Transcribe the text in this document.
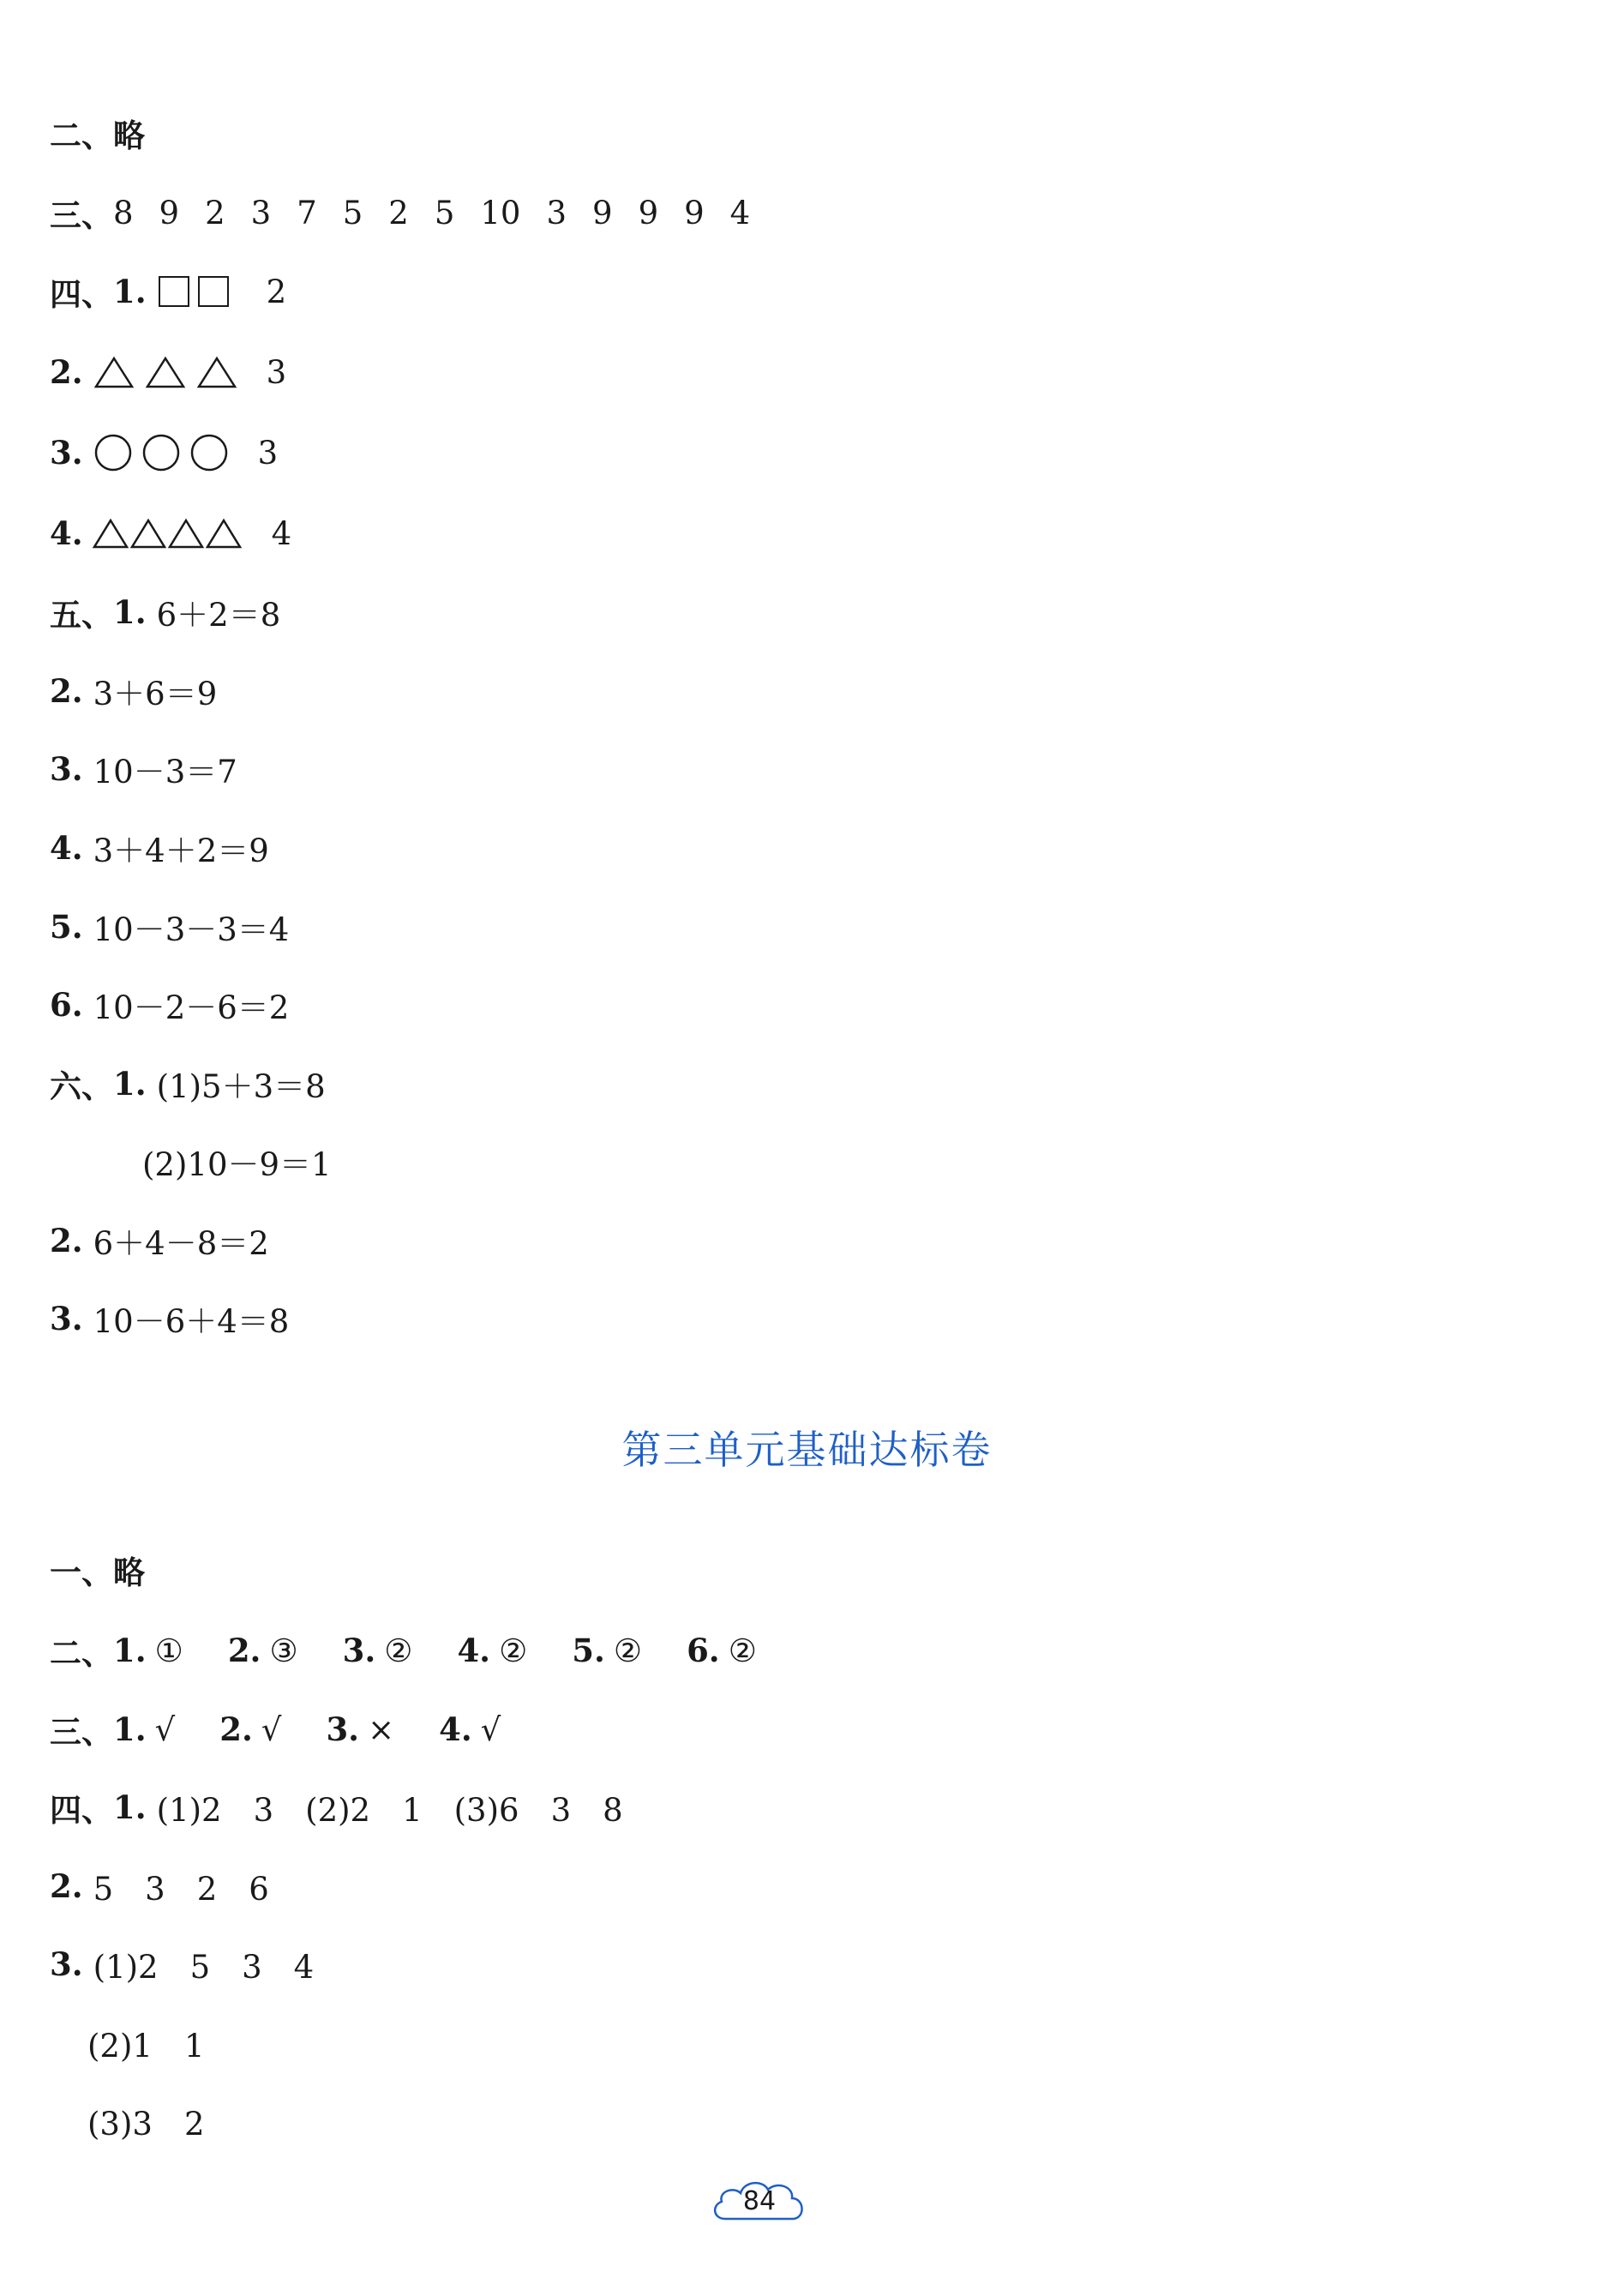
二、略
三、 8 9 2 3 7 5 2 5 10 3 9 9 9 4
四、 1.	2
2.	3
3.	3
4.	4
五、 1. 6＋2＝8
2. 3＋6＝9
3. 10－3＝7
4. 3＋4＋2＝9
5. 10－3－3＝4
6. 10－2－6＝2
六、 1. (1)5＋3＝8
(2)10－9＝1
2. 6＋4－8＝2
3. 10－6＋4＝8
第三单元基础达标卷
一、略
二、 1. ① 2. ③ 3. ② 4. ② 5. ② 6. ②
三、 1. √ 2. √ 3. × 4. √
四、 1. (1)2　3　(2)2　1　(3)6　3　8
2. 5　3　2　6
3. (1)2　5　3　4
(2)1　1
(3)3　2
84
